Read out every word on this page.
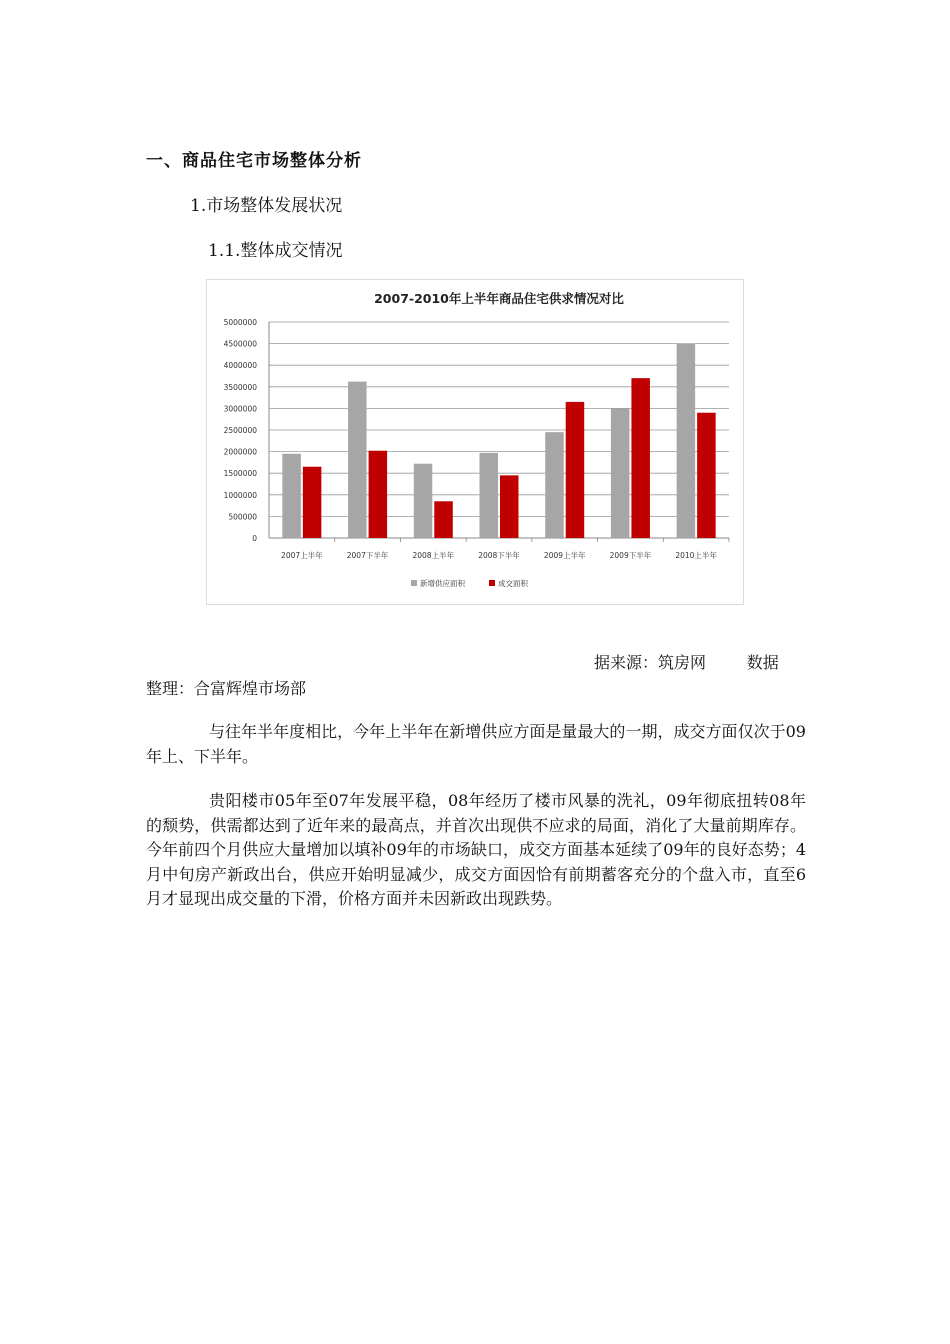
一、商品住宅市场整体分析
1.市场整体发展状况
1.1.整体成交情况
2007-2010年上半年商品住宅供求情况对比
0
500000
1000000
1500000
2000000
2500000
3000000
3500000
4000000
4500000
5000000
2007上半年	2007下半年	2008上半年	2008下半年	2009上半年	2009下半年	2010上半年
新增供应面积	成交面积
据来源：筑房网        数据
整理：合富辉煌市场部

与往年半年度相比，今年上半年在新增供应方面是量最大的一期，成交方面仅次于09年上、下半年。

贵阳楼市05年至07年发展平稳，08年经历了楼市风暴的洗礼，09年彻底扭转08年的颓势，供需都达到了近年来的最高点，并首次出现供不应求的局面，消化了大量前期库存。今年前四个月供应大量增加以填补09年的市场缺口，成交方面基本延续了09年的良好态势；4月中旬房产新政出台，供应开始明显减少，成交方面因恰有前期蓄客充分的个盘入市，直至6月才显现出成交量的下滑，价格方面并未因新政出现跌势。
